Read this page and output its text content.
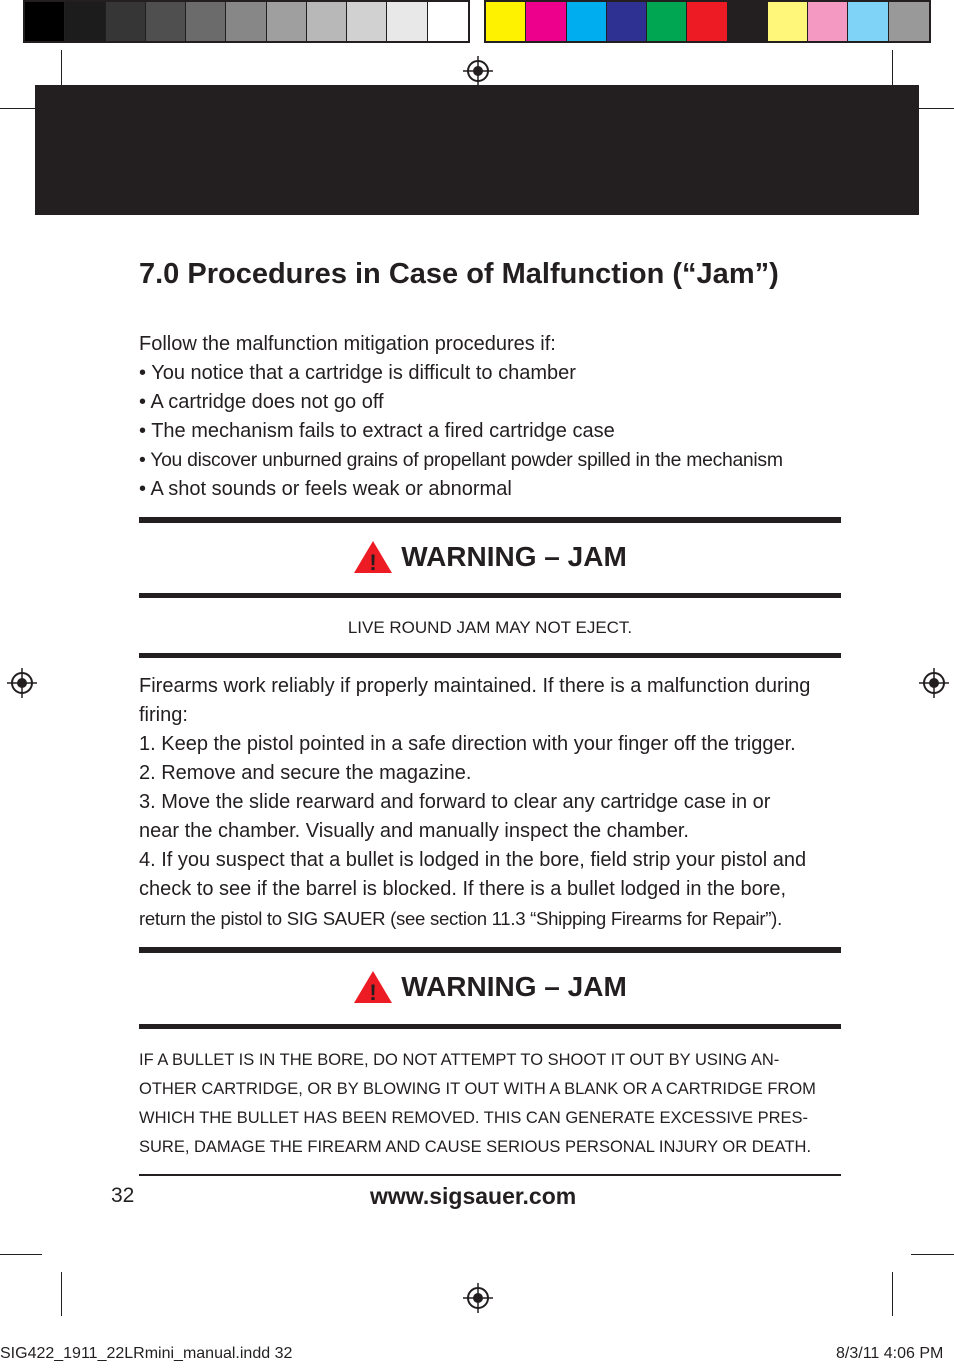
7.0 Procedures in Case of Malfunction (“Jam”)
Follow the malfunction mitigation procedures if:
• You notice that a cartridge is difficult to chamber
• A cartridge does not go off
• The mechanism fails to extract a fired cartridge case
• You discover unburned grains of propellant powder spilled in the mechanism
• A shot sounds or feels weak or abnormal
! WARNING – JAM
LIVE ROUND JAM MAY NOT EJECT.
Firearms work reliably if properly maintained. If there is a malfunction during
firing:
1. Keep the pistol pointed in a safe direction with your finger off the trigger.
2. Remove and secure the magazine.
3. Move the slide rearward and forward to clear any cartridge case in or
near the chamber. Visually and manually inspect the chamber.
4. If you suspect that a bullet is lodged in the bore, field strip your pistol and
check to see if the barrel is blocked. If there is a bullet lodged in the bore,
return the pistol to SIG SAUER (see section 11.3 “Shipping Firearms for Repair”).
! WARNING – JAM
IF A BULLET IS IN THE BORE, DO NOT ATTEMPT TO SHOOT IT OUT BY USING AN-
OTHER CARTRIDGE, OR BY BLOWING IT OUT WITH A BLANK OR A CARTRIDGE FROM
WHICH THE BULLET HAS BEEN REMOVED. THIS CAN GENERATE EXCESSIVE PRES-
SURE, DAMAGE THE FIREARM AND CAUSE SERIOUS PERSONAL INJURY OR DEATH.
32	www.sigsauer.com
SIG422_1911_22LRmini_manual.indd 32	8/3/11 4:06 PM
